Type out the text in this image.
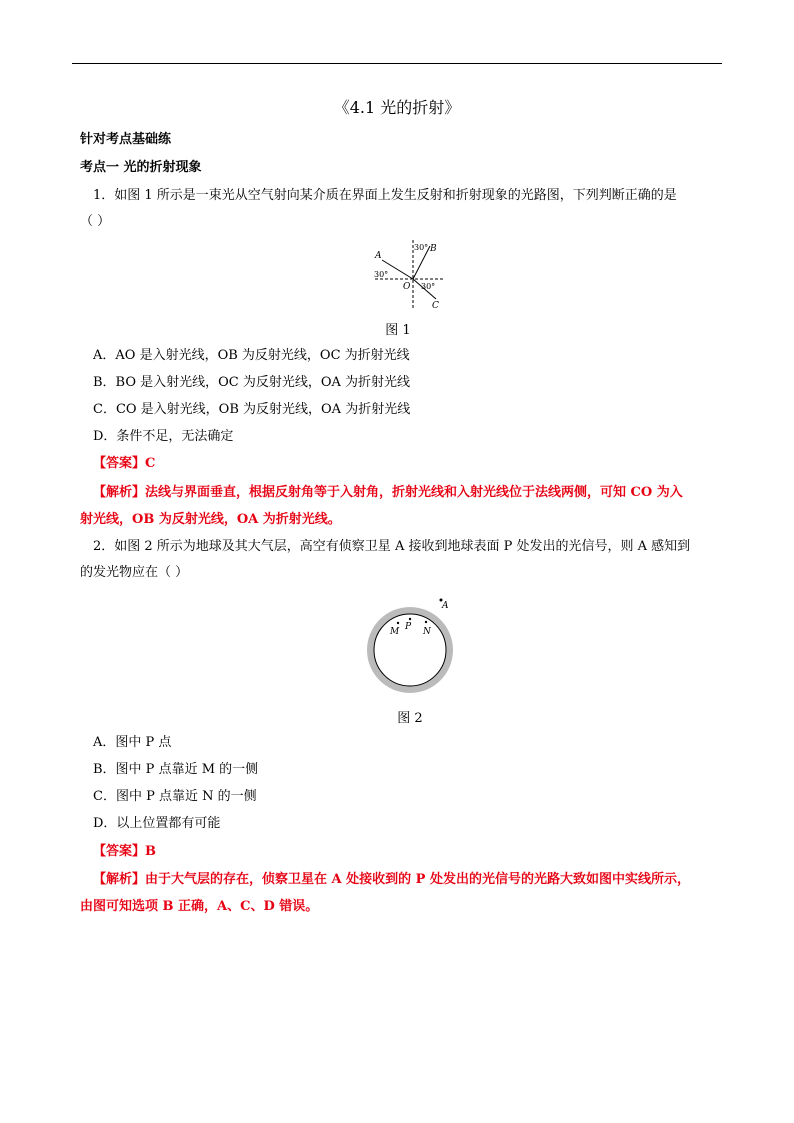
《4.1 光的折射》
针对考点基础练
考点一 光的折射现象
1．如图 1 所示是一束光从空气射向某介质在界面上发生反射和折射现象的光路图，下列判断正确的是
（ ）
A
B
C
O
30°
30°
30°
图 1
A．AO 是入射光线，OB 为反射光线，OC 为折射光线
B．BO 是入射光线，OC 为反射光线，OA 为折射光线
C．CO 是入射光线，OB 为反射光线，OA 为折射光线
D．条件不足，无法确定
【答案】C
【解析】法线与界面垂直，根据反射角等于入射角，折射光线和入射光线位于法线两侧，可知 CO 为入
射光线，OB 为反射光线，OA 为折射光线。
2．如图 2 所示为地球及其大气层，高空有侦察卫星 A 接收到地球表面 P 处发出的光信号，则 A 感知到
的发光物应在（ ）
A
M P N
图 2
A．图中 P 点
B．图中 P 点靠近 M 的一侧
C．图中 P 点靠近 N 的一侧
D．以上位置都有可能
【答案】B
【解析】由于大气层的存在，侦察卫星在 A 处接收到的 P 处发出的光信号的光路大致如图中实线所示，
由图可知选项 B 正确，A、C、D 错误。
